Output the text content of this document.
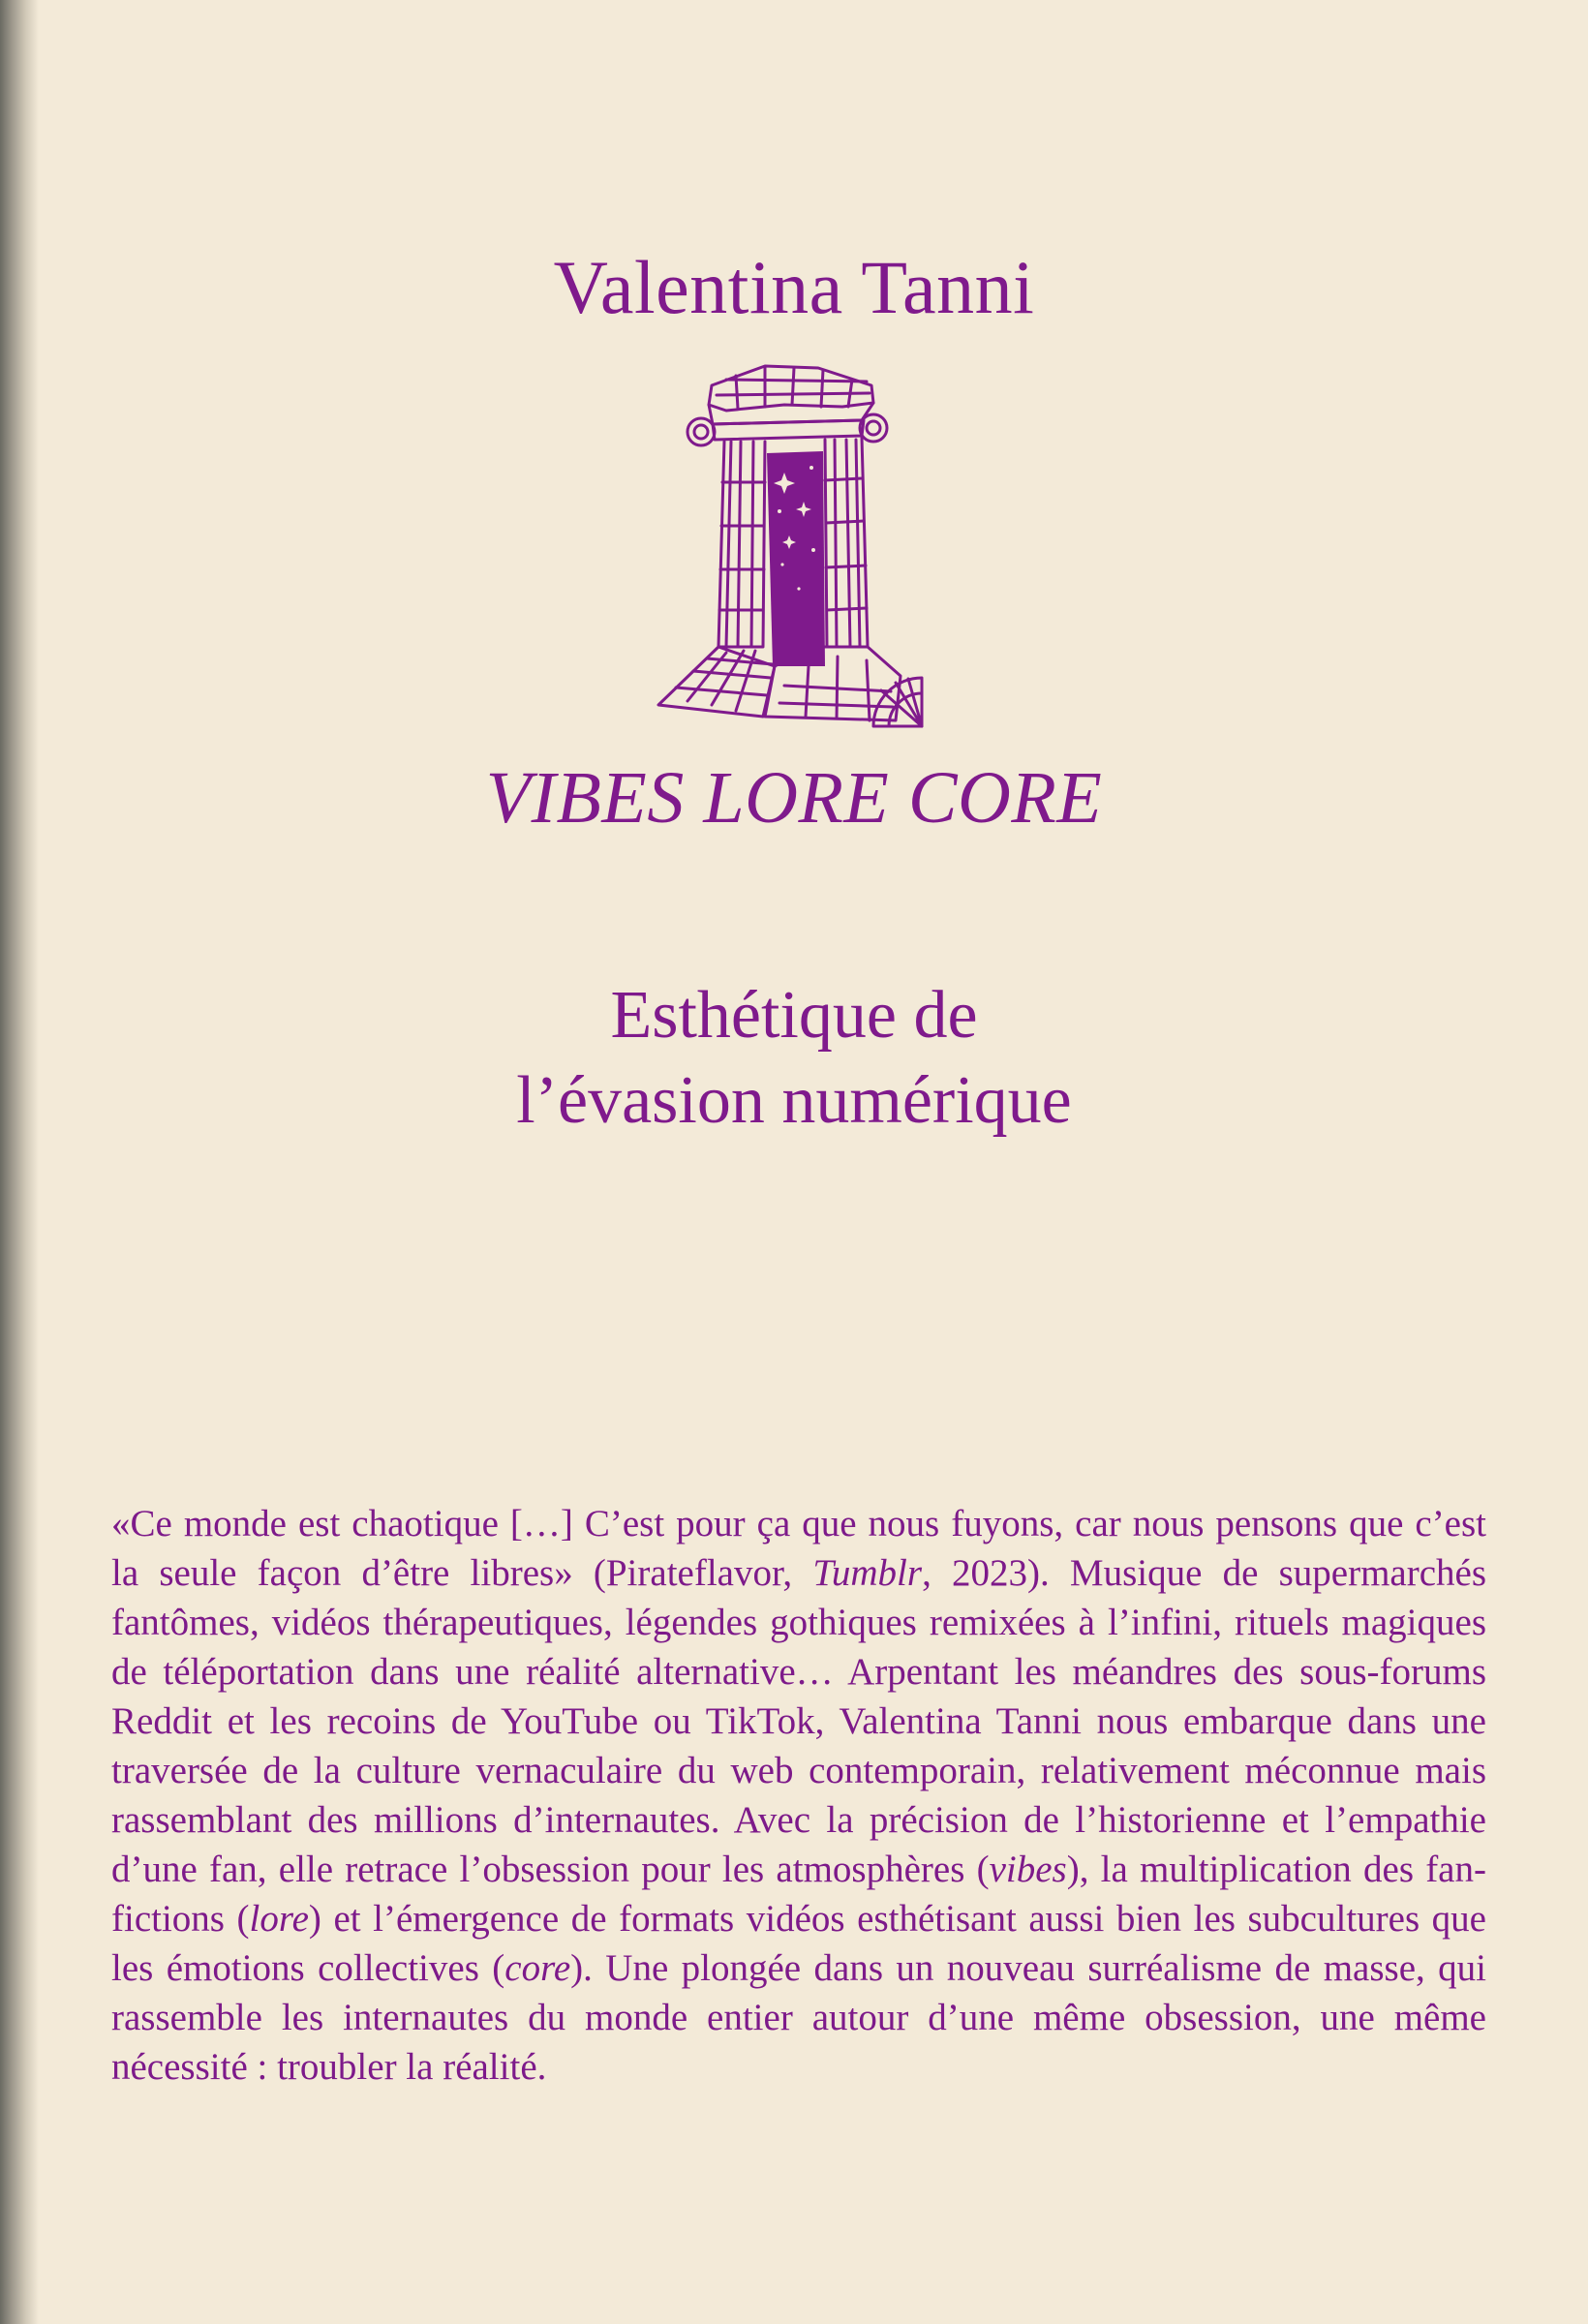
Valentina Tanni
VIBES LORE CORE
Esthétique de
l’évasion numérique
«Ce monde est chaotique […] C’est pour ça que nous fuyons, car nous pensons que c’est la seule façon d’être libres» (Pirateflavor, Tumblr, 2023). Musique de supermarchés fantômes, vidéos thérapeutiques, légendes gothiques remixées à l’infini, rituels magiques de téléportation dans une réalité alternative… Arpentant les méandres des sous-forums Reddit et les recoins de YouTube ou TikTok, Valentina Tanni nous embarque dans une traversée de la culture vernaculaire du web contemporain, relativement méconnue mais rassemblant des millions d’internautes. Avec la précision de l’historienne et l’empathie d’une fan, elle retrace l’obsession pour les atmosphères (vibes), la multiplication des fan-fictions (lore) et l’émergence de formats vidéos esthétisant aussi bien les subcultures que les émotions collectives (core). Une plongée dans un nouveau surréalisme de masse, qui rassemble les internautes du monde entier autour d’une même obsession, une même nécessité : troubler la réalité.
